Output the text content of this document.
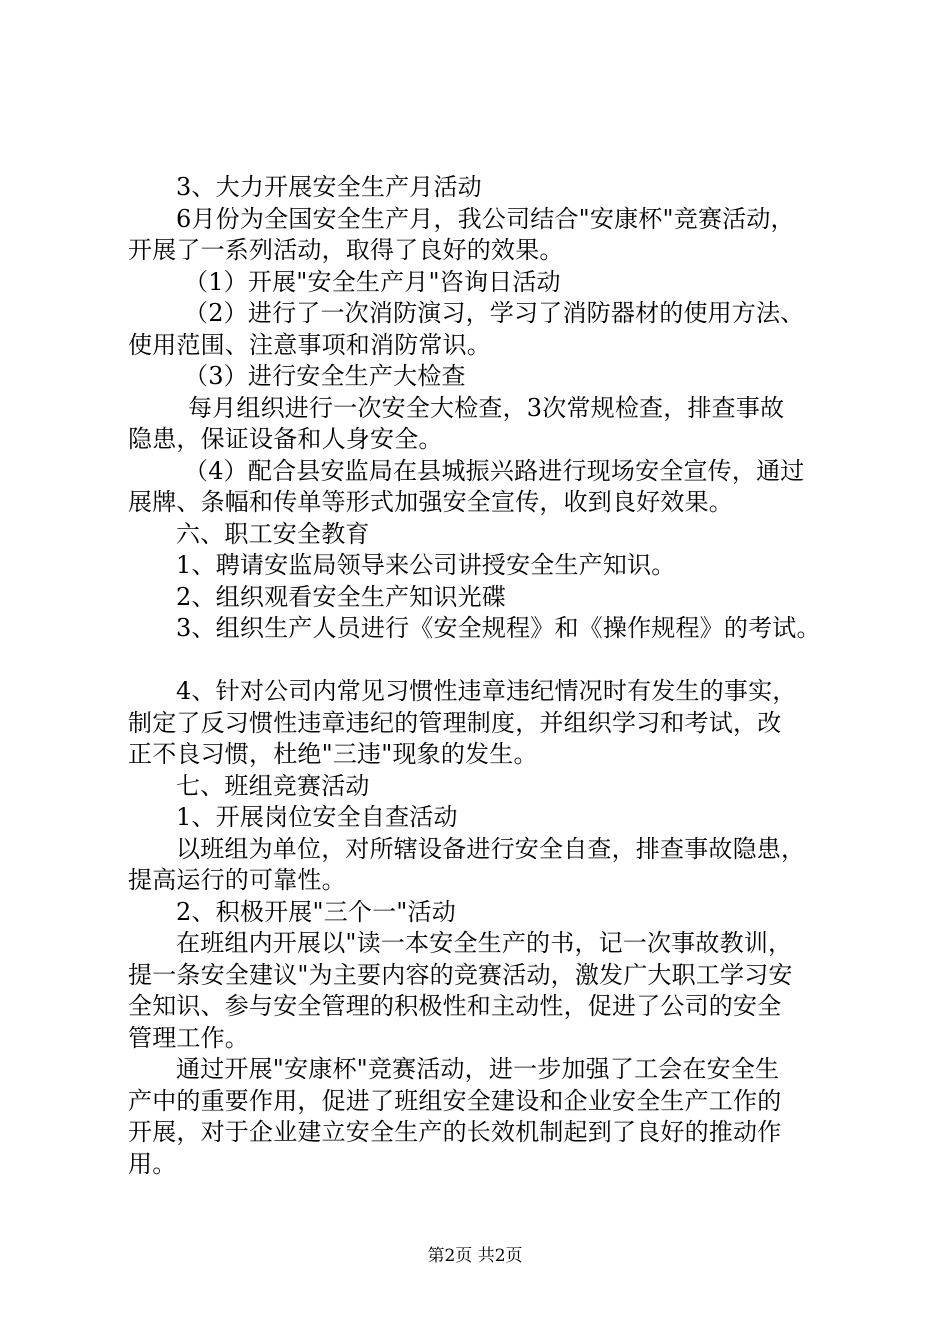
3、大力开展安全生产月活动
6月份为全国安全生产月，我公司结合"安康杯"竞赛活动，
开展了一系列活动，取得了良好的效果。
（1）开展"安全生产月"咨询日活动
（2）进行了一次消防演习，学习了消防器材的使用方法、
使用范围、注意事项和消防常识。
（3）进行安全生产大检查
每月组织进行一次安全大检查，3次常规检查，排查事故
隐患，保证设备和人身安全。
（4）配合县安监局在县城振兴路进行现场安全宣传，通过
展牌、条幅和传单等形式加强安全宣传，收到良好效果。
六、职工安全教育
1、聘请安监局领导来公司讲授安全生产知识。
2、组织观看安全生产知识光碟
3、组织生产人员进行《安全规程》和《操作规程》的考试。
4、针对公司内常见习惯性违章违纪情况时有发生的事实，
制定了反习惯性违章违纪的管理制度，并组织学习和考试，改
正不良习惯，杜绝"三违"现象的发生。
七、班组竞赛活动
1、开展岗位安全自查活动
以班组为单位，对所辖设备进行安全自查，排查事故隐患，
提高运行的可靠性。
2、积极开展"三个一"活动
在班组内开展以"读一本安全生产的书，记一次事故教训，
提一条安全建议"为主要内容的竞赛活动，激发广大职工学习安
全知识、参与安全管理的积极性和主动性，促进了公司的安全
管理工作。
通过开展"安康杯"竞赛活动，进一步加强了工会在安全生
产中的重要作用，促进了班组安全建设和企业安全生产工作的
开展，对于企业建立安全生产的长效机制起到了良好的推动作
用。
第2页 共2页
